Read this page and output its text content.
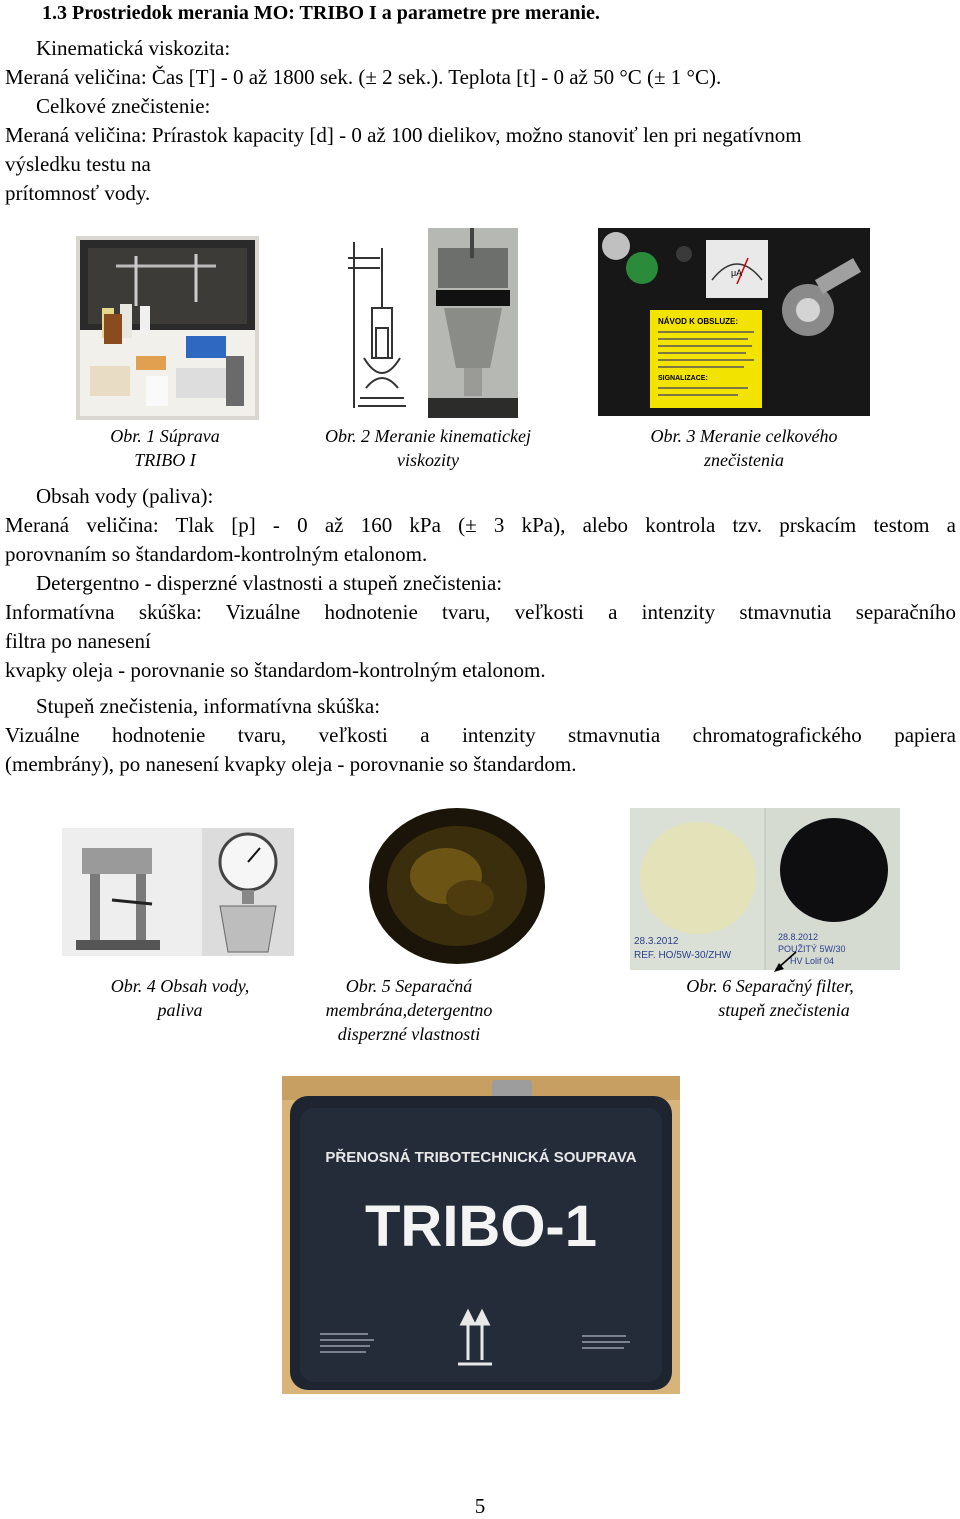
1.3 Prostriedok merania MO: TRIBO I a parametre pre meranie.
Kinematická viskozita:
Meraná veličina: Čas [T] - 0 až 1800 sek. (± 2 sek.). Teplota [t] - 0 až 50 °C (± 1 °C).
Celkové znečistenie:
Meraná veličina: Prírastok kapacity [d] - 0 až 100 dielikov, možno stanoviť len pri negatívnom
výsledku testu na
prítomnosť vody.
μA
NÁVOD K OBSLUZE:
SIGNALIZACE:
Obr. 1 Súprava
TRIBO I
Obr. 2 Meranie kinematickej
viskozity
Obr. 3 Meranie celkového
znečistenia
Obsah vody (paliva):
Meraná veličina: Tlak [p] - 0 až 160 kPa (± 3 kPa), alebo kontrola tzv. prskacím testom a
porovnaním so štandardom-kontrolným etalonom.
Detergentno - disperzné vlastnosti a stupeň znečistenia:
Informatívna skúška: Vizuálne hodnotenie tvaru, veľkosti a intenzity stmavnutia separačního
filtra po nanesení
kvapky oleja - porovnanie so štandardom-kontrolným etalonom.
Stupeň znečistenia, informatívna skúška:
Vizuálne hodnotenie tvaru, veľkosti a intenzity stmavnutia chromatografického papiera
(membrány), po nanesení kvapky oleja - porovnanie so štandardom.
28.3.2012
REF. HO/5W-30/ZHW
28.8.2012
POUŽITÝ 5W/30
HV Lolif 04
Obr. 4 Obsah vody,
paliva
Obr. 5 Separačná
membrána,detergentno
disperzné vlastnosti
Obr. 6 Separačný filter,
stupeň znečistenia
PŘENOSNÁ TRIBOTECHNICKÁ SOUPRAVA
TRIBO-1
5
